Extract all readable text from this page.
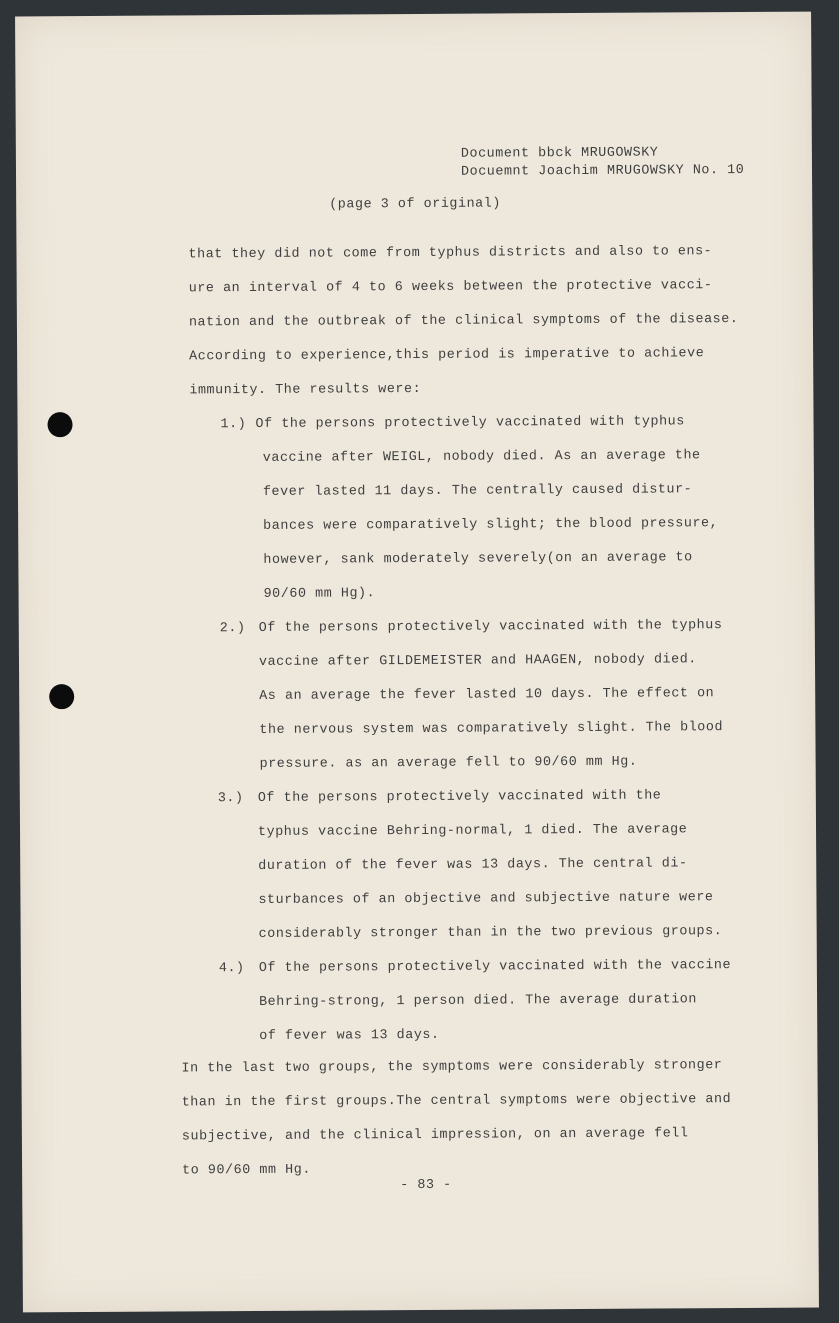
Document bbck MRUGOWSKY
Docuemnt Joachim MRUGOWSKY No. 10
(page 3 of original)
that they did not come from typhus districts and also to ens-
ure an interval of 4 to 6 weeks between the protective vacci-
nation and the outbreak of the clinical symptoms of the disease.
According to experience,this period is imperative to achieve
immunity. The results were:
1.) Of the persons protectively vaccinated with typhus
vaccine after WEIGL, nobody died. As an average the
fever lasted 11 days. The centrally caused distur-
bances were comparatively slight; the blood pressure,
however, sank moderately severely(on an average to
90/60 mm Hg).
2.) Of the persons protectively vaccinated with the typhus
vaccine after GILDEMEISTER and HAAGEN, nobody died.
As an average the fever lasted 10 days. The effect on
the nervous system was comparatively slight. The blood
pressure. as an average fell to 90/60 mm Hg.
3.) Of the persons protectively vaccinated with the
typhus vaccine Behring-normal, 1 died. The average
duration of the fever was 13 days. The central di-
sturbances of an objective and subjective nature were
considerably stronger than in the two previous groups.
4.) Of the persons protectively vaccinated with the vaccine
Behring-strong, 1 person died. The average duration
of fever was 13 days.
In the last two groups, the symptoms were considerably stronger
than in the first groups.The central symptoms were objective and
subjective, and the clinical impression, on an average fell
to 90/60 mm Hg.
- 83 -
